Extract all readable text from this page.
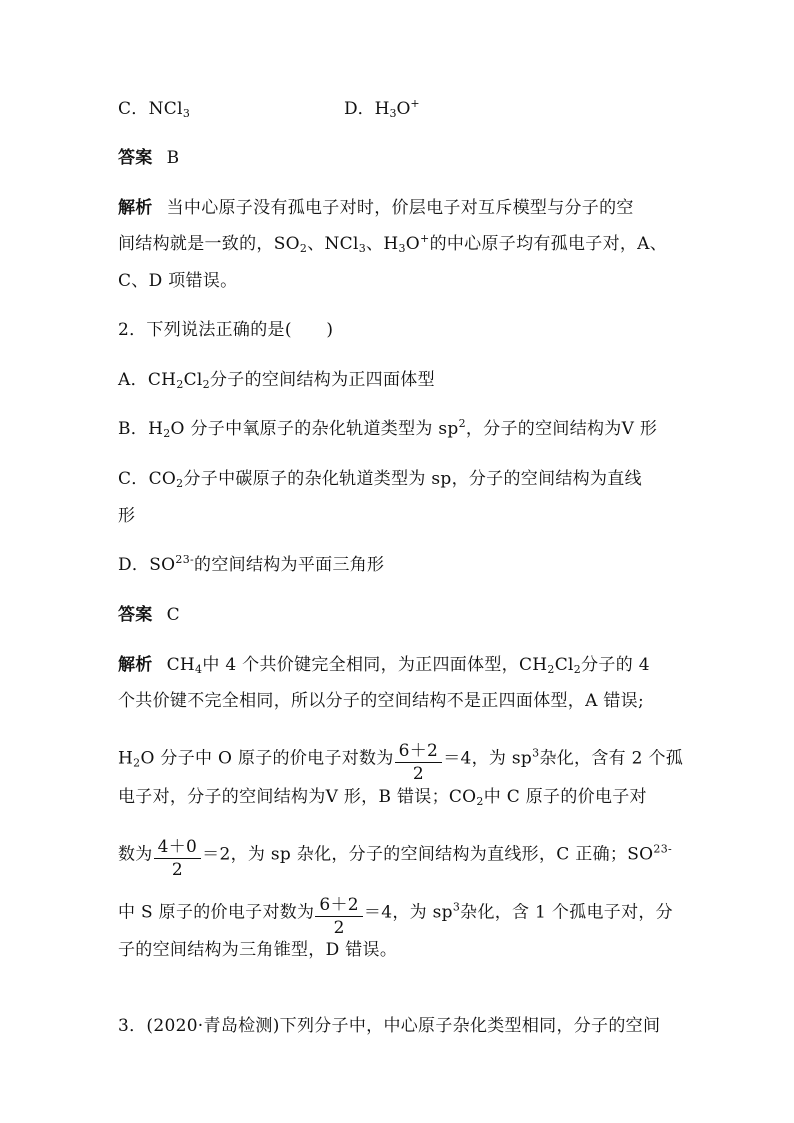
C．NCl$_3$	D．$H_3O^+$
答案 B
解析 当中心原子没有孤电子对时，价层电子对互斥模型与分子的空
间结构就是一致的，$SO_2$、NCl$_3$、$H_3O^+$的中心原子均有孤电子对，A、
C、D 项错误。
2．下列说法正确的是(　　)
A．$CH_2Cl_2$分子的空间结构为正四面体型
B．$H_2O$ 分子中氧原子的杂化轨道类型为 $sp^2$，分子的空间结构为V 形
C．$CO_2$分子中碳原子的杂化轨道类型为 sp，分子的空间结构为直线
形
D．$SO^{23-}$的空间结构为平面三角形
答案 C
解析 $CH_4$中 4 个共价键完全相同，为正四面体型，$CH_2Cl_2$分子的 4
个共价键不完全相同，所以分子的空间结构不是正四面体型，A 错误;
$H_2O$ 分子中 O 原子的价电子对数为 $\frac{6+2}{2} =4$，为 $sp^3$杂化，含有 2 个孤
电子对，分子的空间结构为V 形，B 错误；$CO_2$中 C 原子的价电子对
数为 $\frac{4+0}{2} =2$，为 sp 杂化，分子的空间结构为直线形，C 正确；$SO^{23-}$
中 S 原子的价电子对数为 $\frac{6+2}{2} =4$，为 $sp^3$杂化，含 1 个孤电子对，分
子的空间结构为三角锥型，D 错误。
3．(2020·青岛检测)下列分子中，中心原子杂化类型相同，分子的空间
